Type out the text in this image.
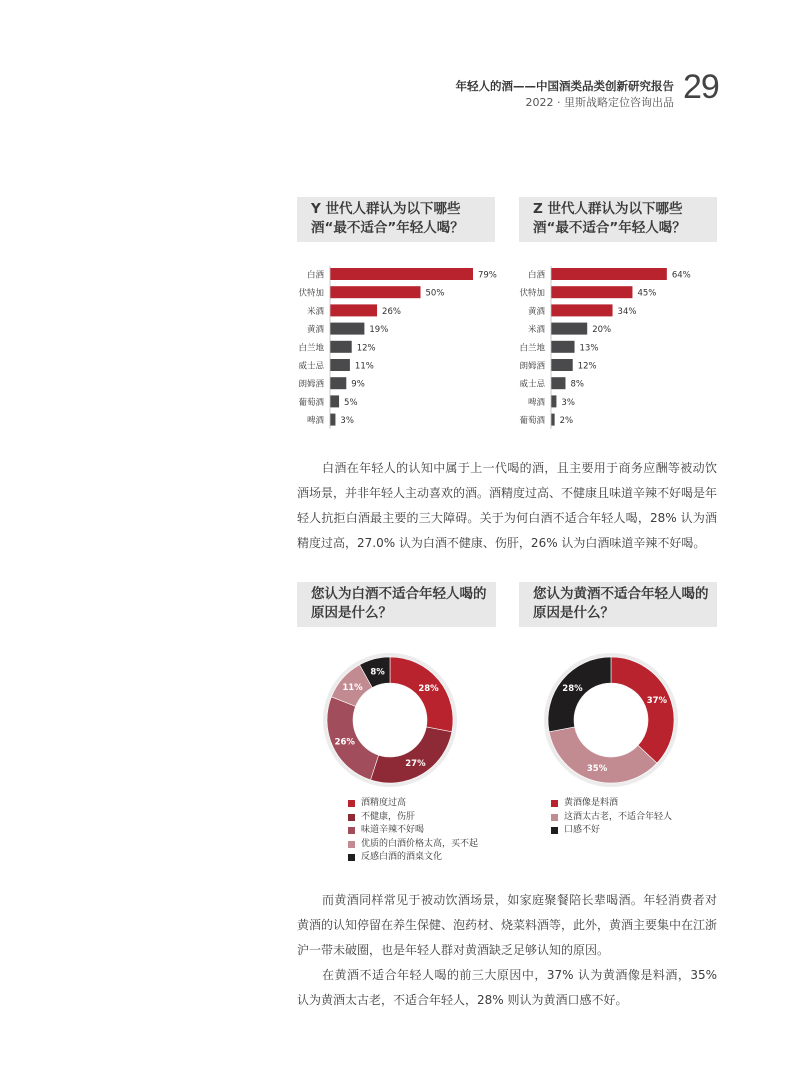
年轻人的酒——中国酒类品类创新研究报告
2022 · 里斯战略定位咨询出品 29
Y 世代人群认为以下哪些酒“最不适合”年轻人喝？
Z 世代人群认为以下哪些酒“最不适合”年轻人喝？
白酒	79%
伏特加	50%
米酒	26%
黄酒	19%
白兰地	12%
威士忌	11%
朗姆酒	9%
葡萄酒 5%
啤酒 3%
白酒	64%
伏特加	45%
黄酒	34%
米酒	20%
白兰地	13%
朗姆酒	12%
威士忌	8%
啤酒 3%
葡萄酒 2%

白酒在年轻人的认知中属于上一代喝的酒，且主要用于商务应酬等被动饮酒场景，并非年轻人主动喜欢的酒。酒精度过高、不健康且味道辛辣不好喝是年轻人抗拒白酒最主要的三大障碍。关于为何白酒不适合年轻人喝，28% 认为酒精度过高，27.0% 认为白酒不健康、伤肝，26% 认为白酒味道辛辣不好喝。

您认为白酒不适合年轻人喝的原因是什么？
您认为黄酒不适合年轻人喝的原因是什么？
28%
27%
26%
11%
8%
37%
35%
28%
酒精度过高
不健康，伤肝
味道辛辣不好喝
优质的白酒价格太高，买不起
反感白酒的酒桌文化
黄酒像是料酒
这酒太古老，不适合年轻人
口感不好

而黄酒同样常见于被动饮酒场景，如家庭聚餐陪长辈喝酒。年轻消费者对黄酒的认知停留在养生保健、泡药材、烧菜料酒等，此外，黄酒主要集中在江浙沪一带未破圈，也是年轻人群对黄酒缺乏足够认知的原因。

在黄酒不适合年轻人喝的前三大原因中，37% 认为黄酒像是料酒，35% 认为黄酒太古老，不适合年轻人，28% 则认为黄酒口感不好。
